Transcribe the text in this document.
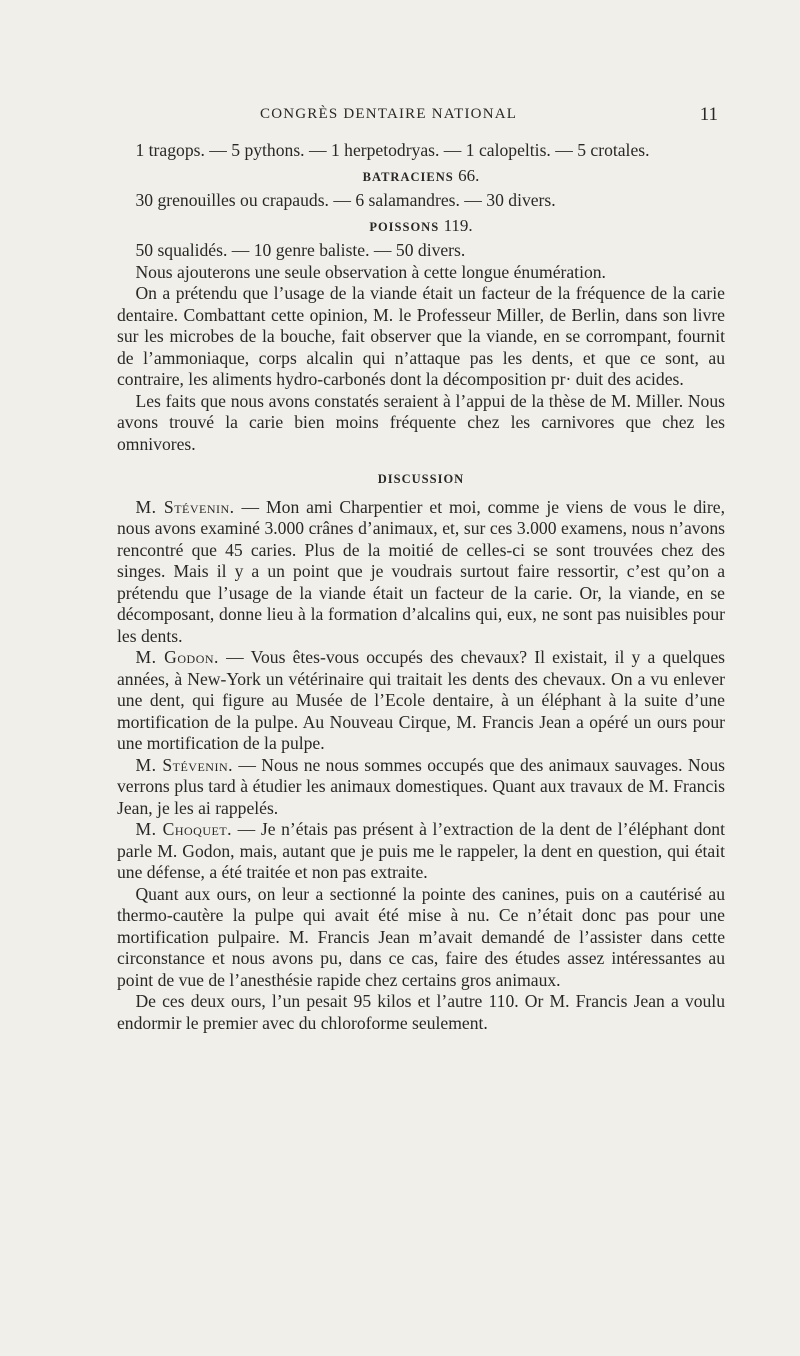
CONGRÈS DENTAIRE NATIONAL	11

1 tragops. — 5 pythons. — 1 herpetodryas. — 1 calopeltis. — 5 crotales.

BATRACIENS 66.

30 grenouilles ou crapauds. — 6 salamandres. — 30 divers.

POISSONS 119.

50 squalidés. — 10 genre baliste. — 50 divers.

Nous ajouterons une seule observation à cette longue énumération.

On a prétendu que l’usage de la viande était un facteur de la fréquence de la carie dentaire. Combattant cette opinion, M. le Professeur Miller, de Berlin, dans son livre sur les microbes de la bouche, fait observer que la viande, en se corrompant, fournit de l’ammoniaque, corps alcalin qui n’attaque pas les dents, et que ce sont, au contraire, les aliments hydro-carbonés dont la décomposition pr· duit des acides.

Les faits que nous avons constatés seraient à l’appui de la thèse de M. Miller. Nous avons trouvé la carie bien moins fréquente chez les carnivores que chez les omnivores.

DISCUSSION

M. Stévenin. — Mon ami Charpentier et moi, comme je viens de vous le dire, nous avons examiné 3.000 crânes d’animaux, et, sur ces 3.000 examens, nous n’avons rencontré que 45 caries. Plus de la moitié de celles-ci se sont trouvées chez des singes. Mais il y a un point que je voudrais surtout faire ressortir, c’est qu’on a prétendu que l’usage de la viande était un facteur de la carie. Or, la viande, en se décomposant, donne lieu à la formation d’alcalins qui, eux, ne sont pas nuisibles pour les dents.

M. Godon. — Vous êtes-vous occupés des chevaux? Il existait, il y a quelques années, à New-York un vétérinaire qui traitait les dents des chevaux. On a vu enlever une dent, qui figure au Musée de l’Ecole dentaire, à un éléphant à la suite d’une mortification de la pulpe. Au Nouveau Cirque, M. Francis Jean a opéré un ours pour une mortification de la pulpe.

M. Stévenin. — Nous ne nous sommes occupés que des animaux sauvages. Nous verrons plus tard à étudier les animaux domestiques. Quant aux travaux de M. Francis Jean, je les ai rappelés.

M. Choquet. — Je n’étais pas présent à l’extraction de la dent de l’éléphant dont parle M. Godon, mais, autant que je puis me le rappeler, la dent en question, qui était une défense, a été traitée et non pas extraite.

Quant aux ours, on leur a sectionné la pointe des canines, puis on a cautérisé au thermo-cautère la pulpe qui avait été mise à nu. Ce n’était donc pas pour une mortification pulpaire. M. Francis Jean m’avait demandé de l’assister dans cette circonstance et nous avons pu, dans ce cas, faire des études assez intéressantes au point de vue de l’anesthésie rapide chez certains gros animaux.

De ces deux ours, l’un pesait 95 kilos et l’autre 110. Or M. Francis Jean a voulu endormir le premier avec du chloroforme seulement.
